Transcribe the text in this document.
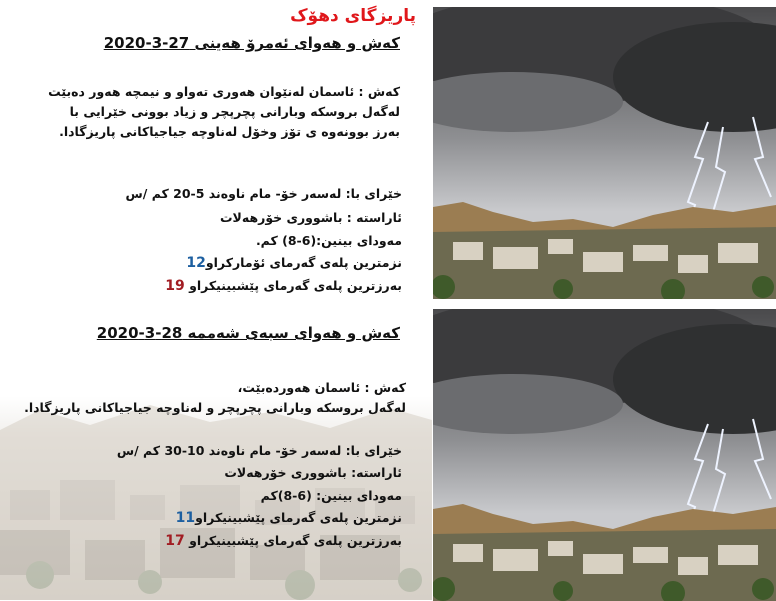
پاریزگای دهۆک
کەش و هەوای ئەمرۆ هەینی 27-3-2020
کەش : ئاسمان لەنێوان هەوری تەواو و نیمچە هەور دەبێت
لەگەل بروسکە وبارانی پچرپچر و زیاد بوونی خێرایی با
بەرز بوونەوە ی تۆز وخۆل لەناوچە جیاجیاکانی پاریزگادا.
خێرای با: لەسەر خۆ- مام ناوەند 5-20 کم /س
ئاراستە : باشووری خۆرهەلات
مەودای بینین:(6-8) کم.
نزمترین پلەی گەرمای ئۆمارکراو12
بەرزترین پلەی گەرمای پێشبینیکراو 19
کەش و هەوای سبەی شەممە 28-3-2020
کەش : ئاسمان هەوردەبێت،
لەگەل بروسکە وبارانی پچرپچر و لەناوچە جیاجیاکانی پاریزگادا.
خێرای با: لەسەر خۆ- مام ناوەند 10-30 کم /س
ئاراستە: باشووری خۆرهەلات
مەودای بینین: (6-8)کم
نزمترین پلەی گەرمای پێشبینیکراو11
بەرزترین پلەی گەرمای پێشبینیکراو 17
